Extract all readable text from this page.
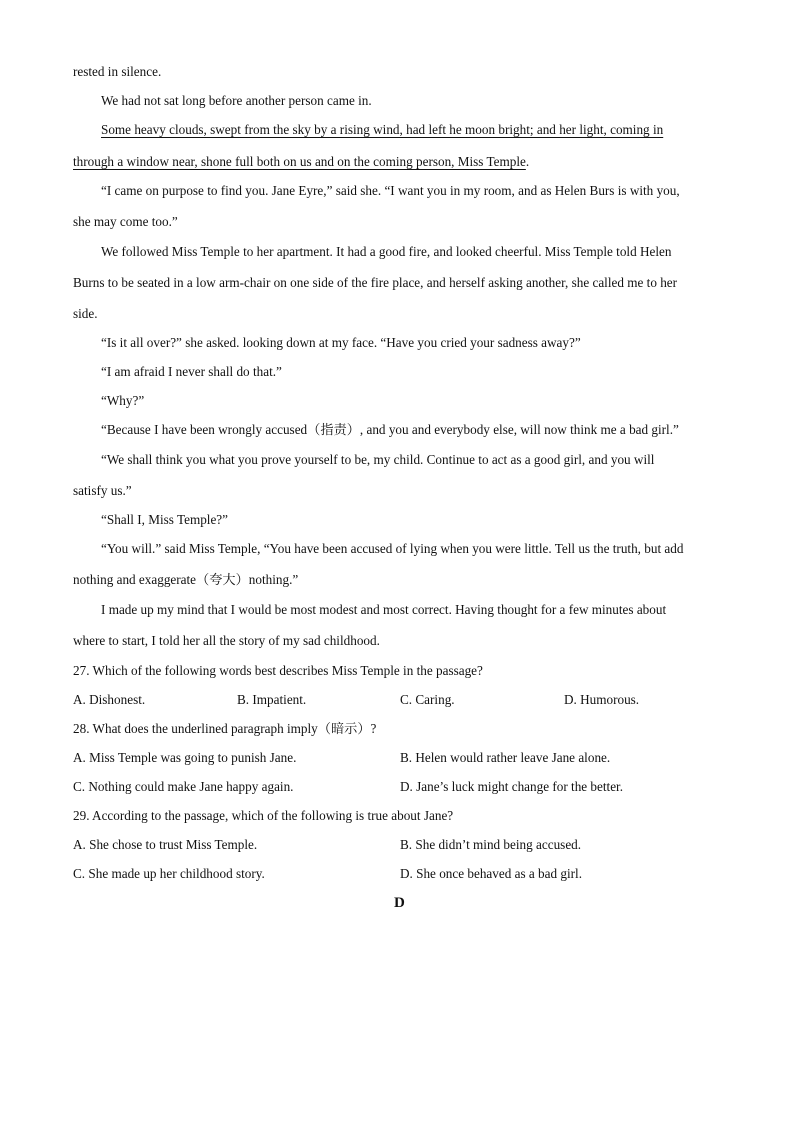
rested in silence.
We had not sat long before another person came in.
Some heavy clouds, swept from the sky by a rising wind, had left he moon bright; and her light, coming in
through a window near, shone full both on us and on the coming person, Miss Temple.
“I came on purpose to find you. Jane Eyre,” said she. “I want you in my room, and as Helen Burs is with you,
she may come too.”
We followed Miss Temple to her apartment. It had a good fire, and looked cheerful. Miss Temple told Helen
Burns to be seated in a low arm-chair on one side of the fire place, and herself asking another, she called me to her
side.
“Is it all over?” she asked. looking down at my face. “Have you cried your sadness away?”
“I am afraid I never shall do that.”
“Why?”
“Because I have been wrongly accused（指责）, and you and everybody else, will now think me a bad girl.”
“We shall think you what you prove yourself to be, my child. Continue to act as a good girl, and you will
satisfy us.”
“Shall I, Miss Temple?”
“You will.” said Miss Temple, “You have been accused of lying when you were little. Tell us the truth, but add
nothing and exaggerate（夸大）nothing.”
I made up my mind that I would be most modest and most correct. Having thought for a few minutes about
where to start, I told her all the story of my sad childhood.
27. Which of the following words best describes Miss Temple in the passage?
A. Dishonest.	B. Impatient.	C. Caring.	D. Humorous.
28. What does the underlined paragraph imply（暗示）?
A. Miss Temple was going to punish Jane.	B. Helen would rather leave Jane alone.
C. Nothing could make Jane happy again.	D. Jane’s luck might change for the better.
29. According to the passage, which of the following is true about Jane?
A. She chose to trust Miss Temple.	B. She didn’t mind being accused.
C. She made up her childhood story.	D. She once behaved as a bad girl.
D
